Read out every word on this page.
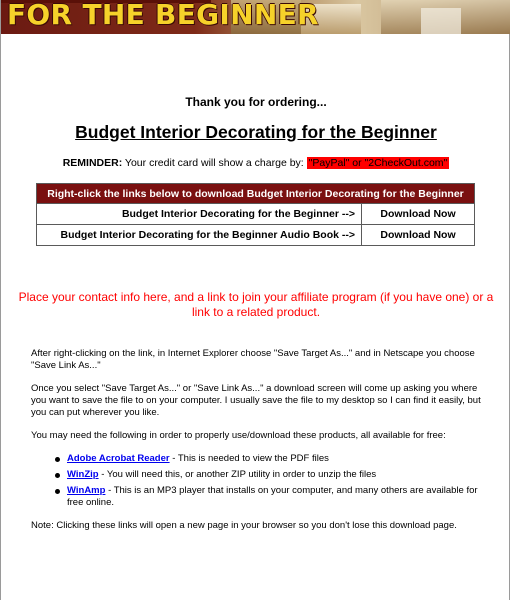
FOR THE BEGINNER
Thank you for ordering...
Budget Interior Decorating for the Beginner
REMINDER: Your credit card will show a charge by: "PayPal" or "2CheckOut.com"
Right-click the links below to download Budget Interior Decorating for the Beginner	
Budget Interior Decorating for the Beginner -->	Download Now
Budget Interior Decorating for the Beginner Audio Book -->	Download Now
Place your contact info here, and a link to join your affiliate program (if you have one) or a link to a related product.

After right-clicking on the link, in Internet Explorer choose "Save Target As..." and in Netscape you choose "Save Link As..."

Once you select "Save Target As..." or "Save Link As..." a download screen will come up asking you where you want to save the file to on your computer. I usually save the file to my desktop so I can find it easily, but you can put wherever you like.

You may need the following in order to properly use/download these products, all available for free:

Adobe Acrobat Reader - This is needed to view the PDF files
WinZip - You will need this, or another ZIP utility in order to unzip the files
WinAmp - This is an MP3 player that installs on your computer, and many others are available for free online.

Note: Clicking these links will open a new page in your browser so you don't lose this download page.
